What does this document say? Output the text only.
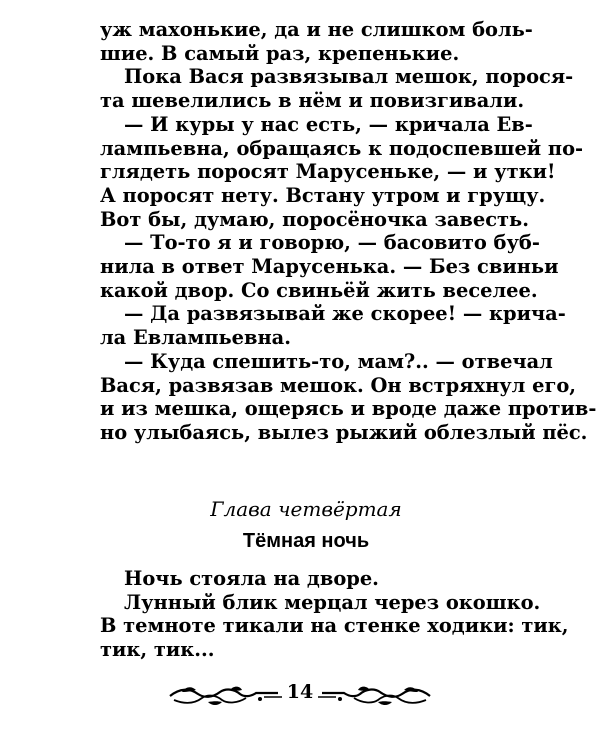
уж махонькие, да и не слишком боль-
шие. В самый раз, крепенькие.
Пока Вася развязывал мешок, порося-
та шевелились в нём и повизгивали.
— И куры у нас есть, — кричала Ев-
лампьевна, обращаясь к подоспевшей по-
глядеть поросят Марусеньке, — и утки!
А поросят нету. Встану утром и грущу.
Вот бы, думаю, поросёночка завесть.
— То-то я и говорю, — басовито буб-
нила в ответ Марусенька. — Без свиньи
какой двор. Со свиньёй жить веселее.
— Да развязывай же скорее! — крича-
ла Евлампьевна.
— Куда спешить-то, мам?.. — отвечал
Вася, развязав мешок. Он встряхнул его,
и из мешка, ощерясь и вроде даже против-
но улыбаясь, вылез рыжий облезлый пёс.

Глава четвёртая

Тёмная ночь

Ночь стояла на дворе.
Лунный блик мерцал через окошко.
В темноте тикали на стенке ходики: тик,
тик, тик...

14
